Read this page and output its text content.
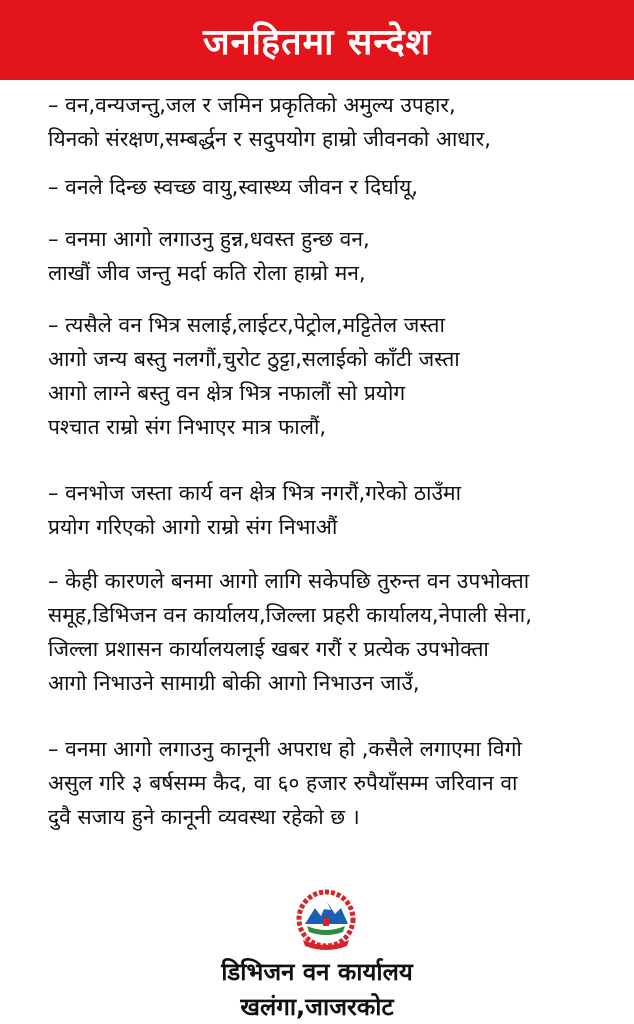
जनहितमा सन्देश

– वन,वन्यजन्तु,जल र जमिन प्रकृतिको अमुल्य उपहार,
यिनको संरक्षण,सम्बर्द्धन र सदुपयोग हाम्रो जीवनको आधार,

– वनले दिन्छ स्वच्छ वायु,स्वास्थ्य जीवन र दिर्घायू,

– वनमा आगो लगाउनु हुन्न,धवस्त हुन्छ वन,
लाखौं जीव जन्तु मर्दा कति रोला हाम्रो मन,

– त्यसैले वन भित्र सलाई,लाईटर,पेट्रोल,मट्टितेल जस्ता
आगो जन्य बस्तु नलगौं,चुरोट ठुट्टा,सलाईको काँटी जस्ता
आगो लाग्ने बस्तु वन क्षेत्र भित्र नफालौं सो प्रयोग
पश्चात राम्रो संग निभाएर मात्र फालौं,

– वनभोज जस्ता कार्य वन क्षेत्र भित्र नगरौं,गरेको ठाउँमा
प्रयोग गरिएको आगो राम्रो संग निभाऔं

– केही कारणले बनमा आगो लागि सकेपछि तुरुन्त वन उपभोक्ता
समूह,डिभिजन वन कार्यालय,जिल्ला प्रहरी कार्यालय,नेपाली सेना,
जिल्ला प्रशासन कार्यालयलाई खबर गरौं र प्रत्येक उपभोक्ता
आगो निभाउने सामाग्री बोकी आगो निभाउन जाउँ,

– वनमा आगो लगाउनु कानूनी अपराध हो ,कसैले लगाएमा विगो
असुल गरि ३ बर्षसम्म कैद, वा ६० हजार रुपैयाँसम्म जरिवान वा
दुवै सजाय हुने कानूनी व्यवस्था रहेको छ ।

डिभिजन वन कार्यालय

खलंगा,जाजरकोट
